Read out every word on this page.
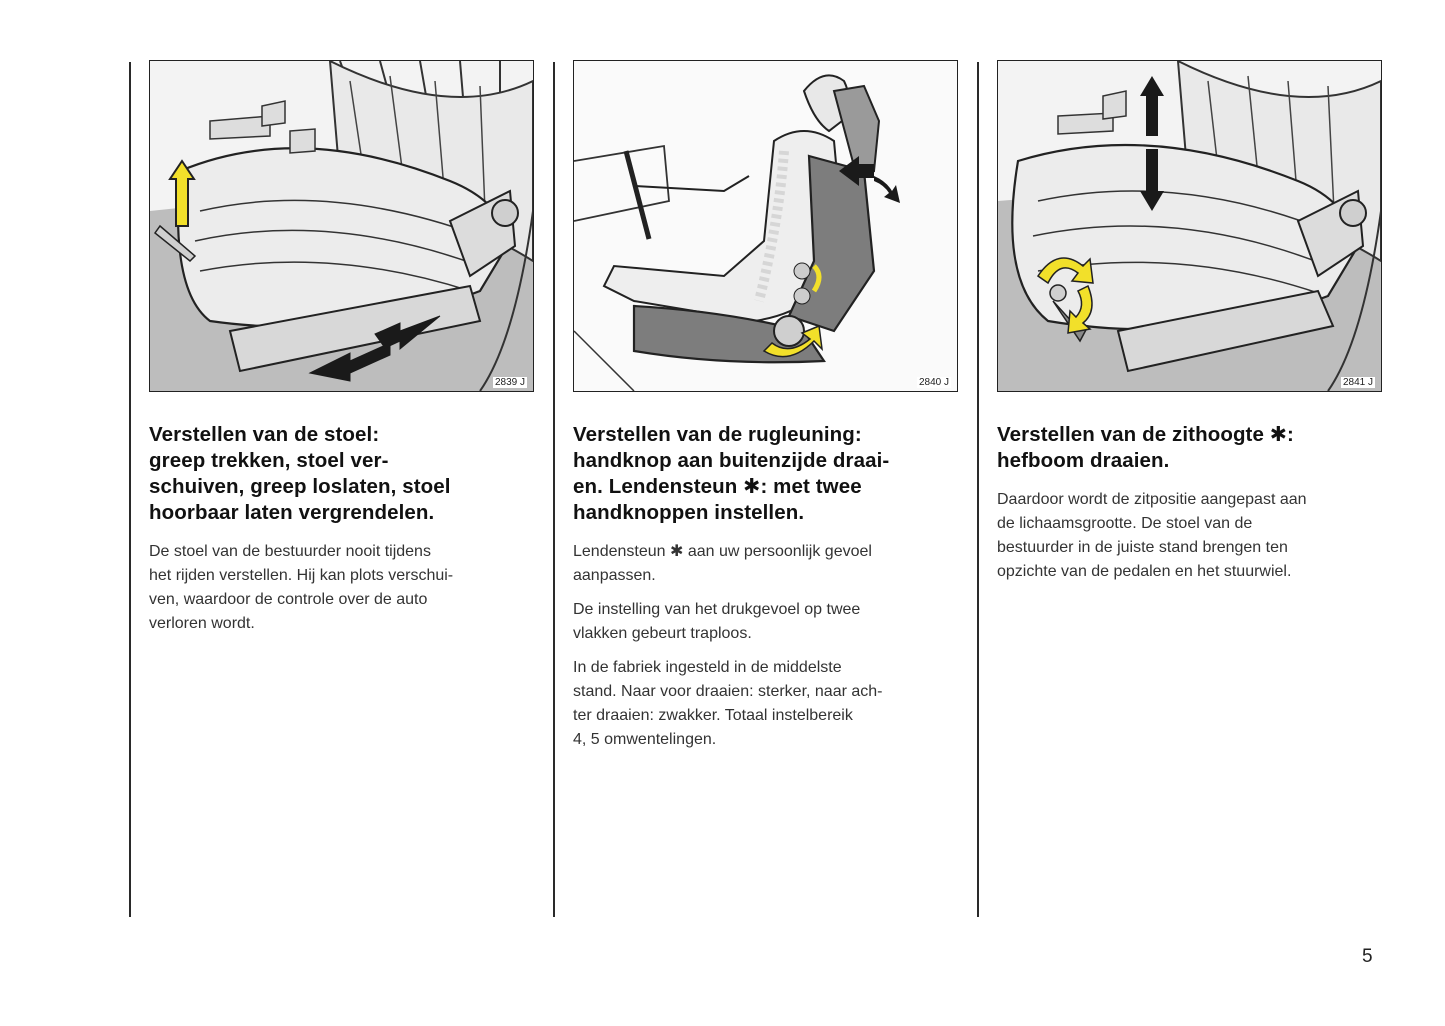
2839 J
Verstellen van de stoel:
greep trekken, stoel ver-
schuiven, greep loslaten, stoel
hoorbaar laten vergrendelen.
De stoel van de bestuurder nooit tijdens
het rijden verstellen. Hij kan plots verschui-
ven, waardoor de controle over de auto
verloren wordt.
2840 J
Verstellen van de rugleuning:
handknop aan buitenzijde draai-
en. Lendensteun ✱: met twee
handknoppen instellen.
Lendensteun ✱ aan uw persoonlijk gevoel
aanpassen.
De instelling van het drukgevoel op twee
vlakken gebeurt traploos.
In de fabriek ingesteld in de middelste
stand. Naar voor draaien: sterker, naar ach-
ter draaien: zwakker. Totaal instelbereik
4, 5 omwentelingen.
2841 J
Verstellen van de zithoogte ✱:
hefboom draaien.
Daardoor wordt de zitpositie aangepast aan
de lichaamsgrootte. De stoel van de
bestuurder in de juiste stand brengen ten
opzichte van de pedalen en het stuurwiel.
5
